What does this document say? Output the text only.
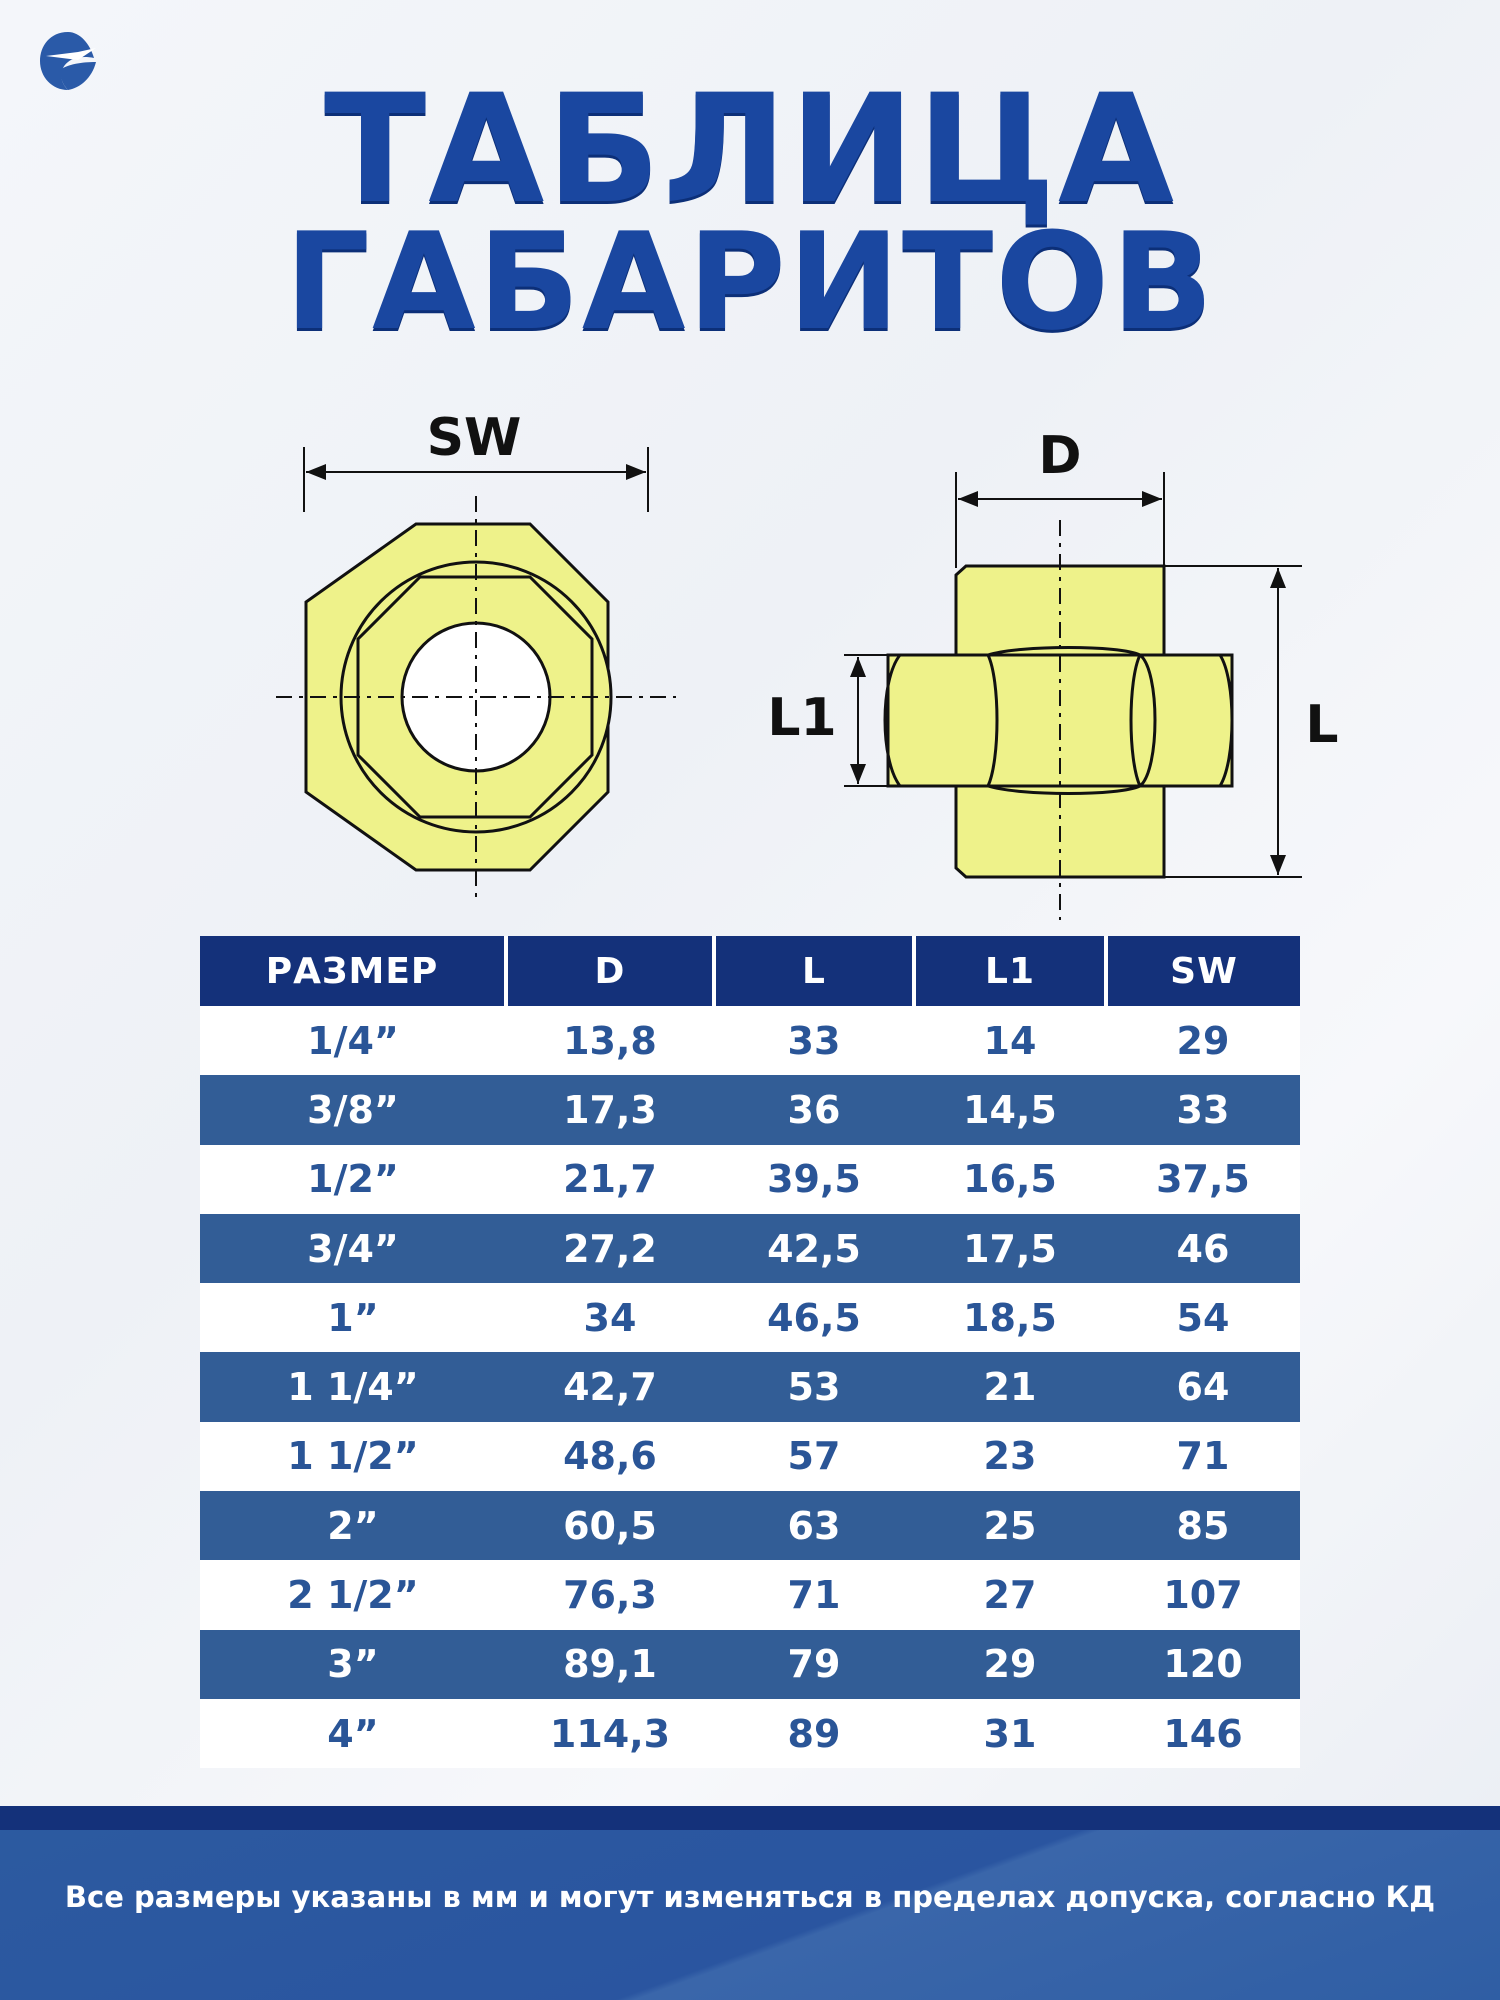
ТАБЛИЦА
ГАБАРИТОВ
SW	D
L1	L
РАЗМЕР	D	L	L1	SW
1/4”	13,8	33	14	29
3/8”	17,3	36	14,5	33
1/2”	21,7	39,5	16,5	37,5
3/4”	27,2	42,5	17,5	46
1”	34	46,5	18,5	54
1 1/4”	42,7	53	21	64
1 1/2”	48,6	57	23	71
2”	60,5	63	25	85
2 1/2”	76,3	71	27	107
3”	89,1	79	29	120
4”	114,3	89	31	146
Все размеры указаны в мм и могут изменяться в пределах допуска, согласно КД
